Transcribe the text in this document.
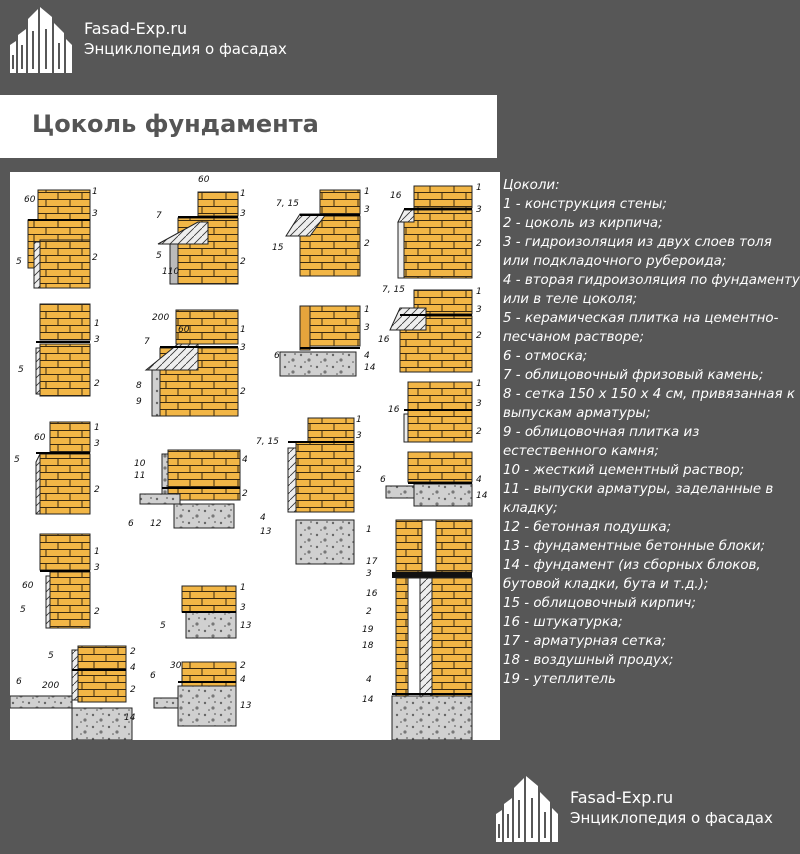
Fasad-Exp.ru
Энциклопедия о фасадах
Цоколь фундамента
1
3
2
60
5
1
3
2
5
1
3
2
60
5
1
3
2
60
5
2
4
2
5
200
6
14
1
3
2
60
7
5
110
1
3
2
200
60
7
8
9
4
2
10
11
6 12
1
3
5	13
2
4
30
6
13
1
3
2
7, 15
1
3
4
14
15
6
1
3
2
7, 15
4
13
1
3
2
16
1
3
2
7, 15
16
1
3
2
16
4
14
6
1
17
3
16
2
19
18
4
14
Цоколи:
1 - конструкция стены;
2 - цоколь из кирпича;
3 - гидроизоляция из двух слоев толя или подкладочного рубероида;
4 - вторая гидроизоляция по фундаменту или в теле цоколя;
5 - керамическая плитка на цементно-песчаном растворе;
6 - отмоска;
7 - облицовочный фризовый камень;
8 - сетка 150 х 150 х 4 см, привязанная к выпускам арматуры;
9 - облицовочная плитка из естественного камня;
10 - жесткий цементный раствор;
11 - выпуски арматуры, заделанные в кладку;
12 - бетонная подушка;
13 - фундаментные бетонные блоки;
14 - фундамент (из сборных блоков, бутовой кладки, бута и т.д.);
15 - облицовочный кирпич;
16 - штукатурка;
17 - арматурная сетка;
18 - воздушный продух;
19 - утеплитель
Fasad-Exp.ru
Энциклопедия о фасадах
